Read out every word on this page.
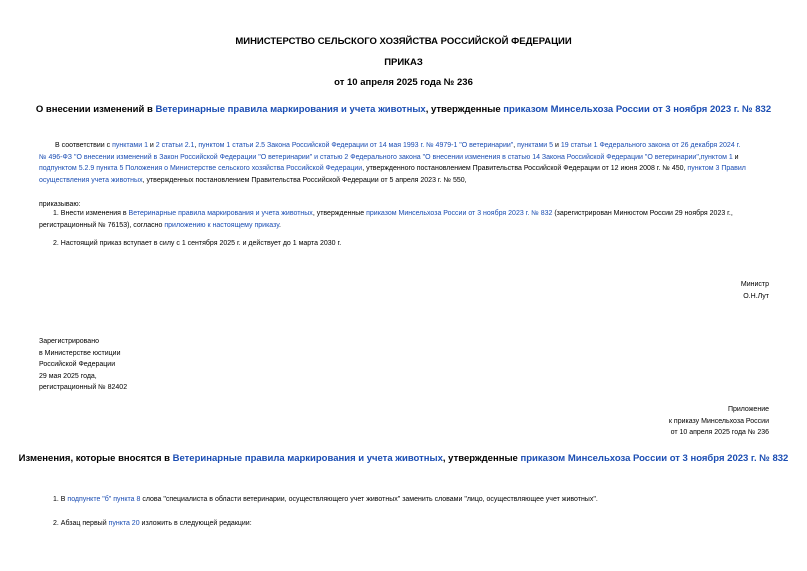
МИНИСТЕРСТВО СЕЛЬСКОГО ХОЗЯЙСТВА РОССИЙСКОЙ ФЕДЕРАЦИИ
ПРИКАЗ
от 10 апреля 2025 года № 236
О внесении изменений в Ветеринарные правила маркирования и учета животных, утвержденные приказом Минсельхоза России от 3 ноября 2023 г. № 832
В соответствии с пунктами 1 и 2 статьи 2.1, пунктом 1 статьи 2.5 Закона Российской Федерации от 14 мая 1993 г. № 4979-1 "О ветеринарии", пунктами 5 и 19 статьи 1 Федерального закона от 26 декабря 2024 г.
№ 496-ФЗ "О внесении изменений в Закон Российской Федерации "О ветеринарии" и статью 2 Федерального закона "О внесении изменения в статью 14 Закона Российской Федерации "О ветеринарии",пунктом 1 и
подпунктом 5.2.9 пункта 5 Положения о Министерстве сельского хозяйства Российской Федерации, утвержденного постановлением Правительства Российской Федерации от 12 июня 2008 г. № 450, пунктом 3 Правил
осуществления учета животных, утвержденных постановлением Правительства Российской Федерации от 5 апреля 2023 г. № 550,
приказываю:
1. Внести изменения в Ветеринарные правила маркирования и учета животных, утвержденные приказом Минсельхоза России от 3 ноября 2023 г. № 832 (зарегистрирован Минюстом России 29 ноября 2023 г.,
регистрационный № 76153), согласно приложению к настоящему приказу.
2. Настоящий приказ вступает в силу с 1 сентября 2025 г. и действует до 1 марта 2030 г.
Министр
О.Н.Лут
Зарегистрировано
в Министерстве юстиции
Российской Федерации
29 мая 2025 года,
регистрационный № 82402
Приложение
к приказу Минсельхоза России
от 10 апреля 2025 года № 236
Изменения, которые вносятся в Ветеринарные правила маркирования и учета животных, утвержденные приказом Минсельхоза России от 3 ноября 2023 г. № 832
1. В подпункте "б" пункта 8 слова "специалиста в области ветеринарии, осуществляющего учет животных" заменить словами "лицо, осуществляющее учет животных".
2. Абзац первый пункта 20 изложить в следующей редакции:
